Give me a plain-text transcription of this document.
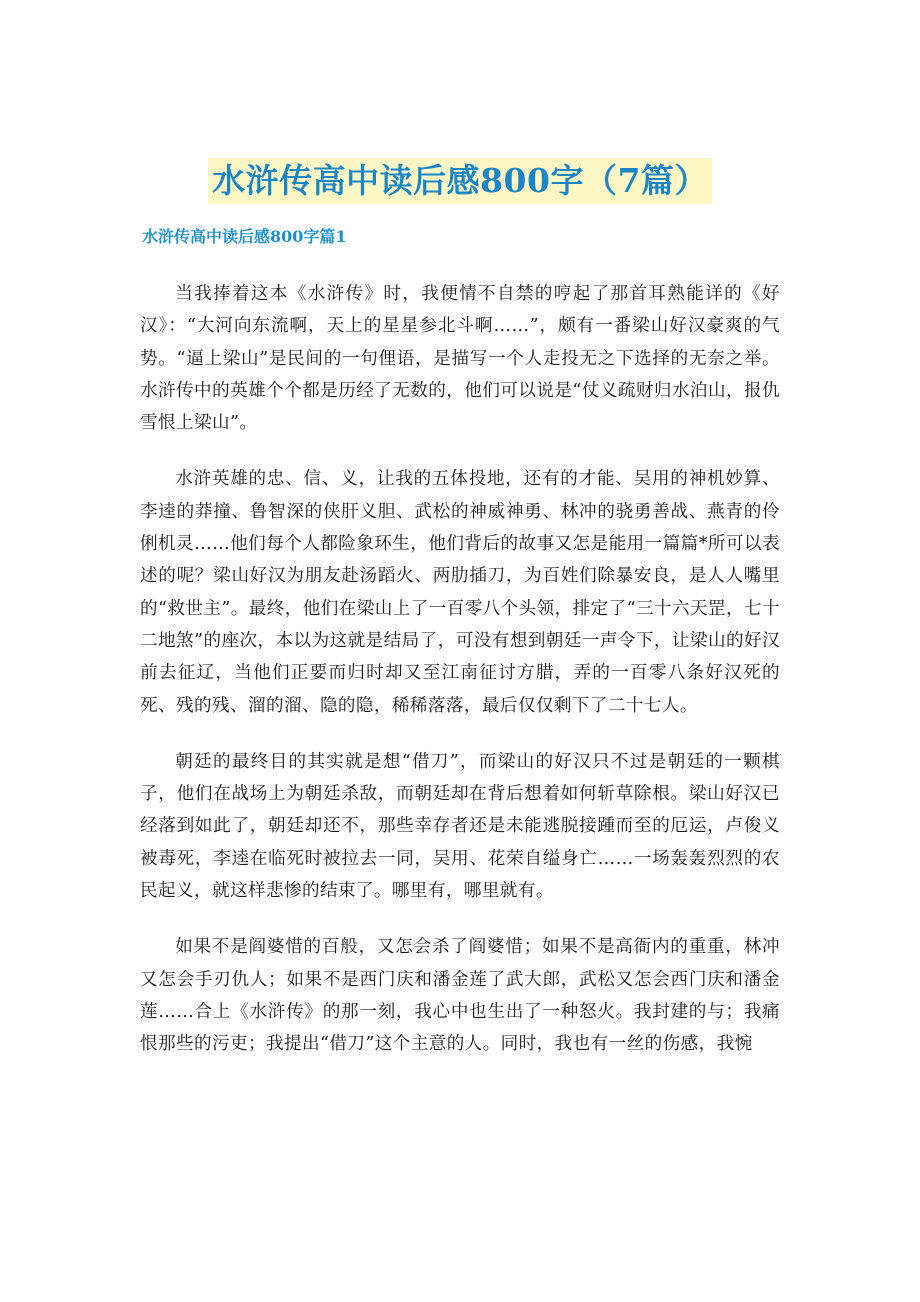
水浒传高中读后感800字（7篇）
水浒传高中读后感800字篇1

当我捧着这本《水浒传》时，我便情不自禁的哼起了那首耳熟能详的《好汉》：“大河向东流啊，天上的星星参北斗啊……”，颇有一番梁山好汉豪爽的气势。“逼上梁山”是民间的一句俚语，是描写一个人走投无之下选择的无奈之举。水浒传中的英雄个个都是历经了无数的，他们可以说是“仗义疏财归水泊山，报仇雪恨上梁山”。

水浒英雄的忠、信、义，让我的五体投地，还有的才能、吴用的神机妙算、李逵的莽撞、鲁智深的侠肝义胆、武松的神威神勇、林冲的骁勇善战、燕青的伶俐机灵……他们每个人都险象环生，他们背后的故事又怎是能用一篇篇*所可以表述的呢？梁山好汉为朋友赴汤蹈火、两肋插刀，为百姓们除暴安良，是人人嘴里的“救世主”。最终，他们在梁山上了一百零八个头领，排定了“三十六天罡，七十二地煞”的座次，本以为这就是结局了，可没有想到朝廷一声令下，让梁山的好汉前去征辽，当他们正要而归时却又至江南征讨方腊，弄的一百零八条好汉死的死、残的残、溜的溜、隐的隐，稀稀落落，最后仅仅剩下了二十七人。

朝廷的最终目的其实就是想“借刀”，而梁山的好汉只不过是朝廷的一颗棋子，他们在战场上为朝廷杀敌，而朝廷却在背后想着如何斩草除根。梁山好汉已经落到如此了，朝廷却还不，那些幸存者还是未能逃脱接踵而至的厄运，卢俊义被毒死，李逵在临死时被拉去一同，吴用、花荣自缢身亡……一场轰轰烈烈的农民起义，就这样悲惨的结束了。哪里有，哪里就有。

如果不是阎婆惜的百般，又怎会杀了阎婆惜；如果不是高衙内的重重，林冲又怎会手刃仇人；如果不是西门庆和潘金莲了武大郎，武松又怎会西门庆和潘金莲……合上《水浒传》的那一刻，我心中也生出了一种怒火。我封建的与；我痛恨那些的污吏；我提出“借刀”这个主意的人。同时，我也有一丝的伤感，我惋
